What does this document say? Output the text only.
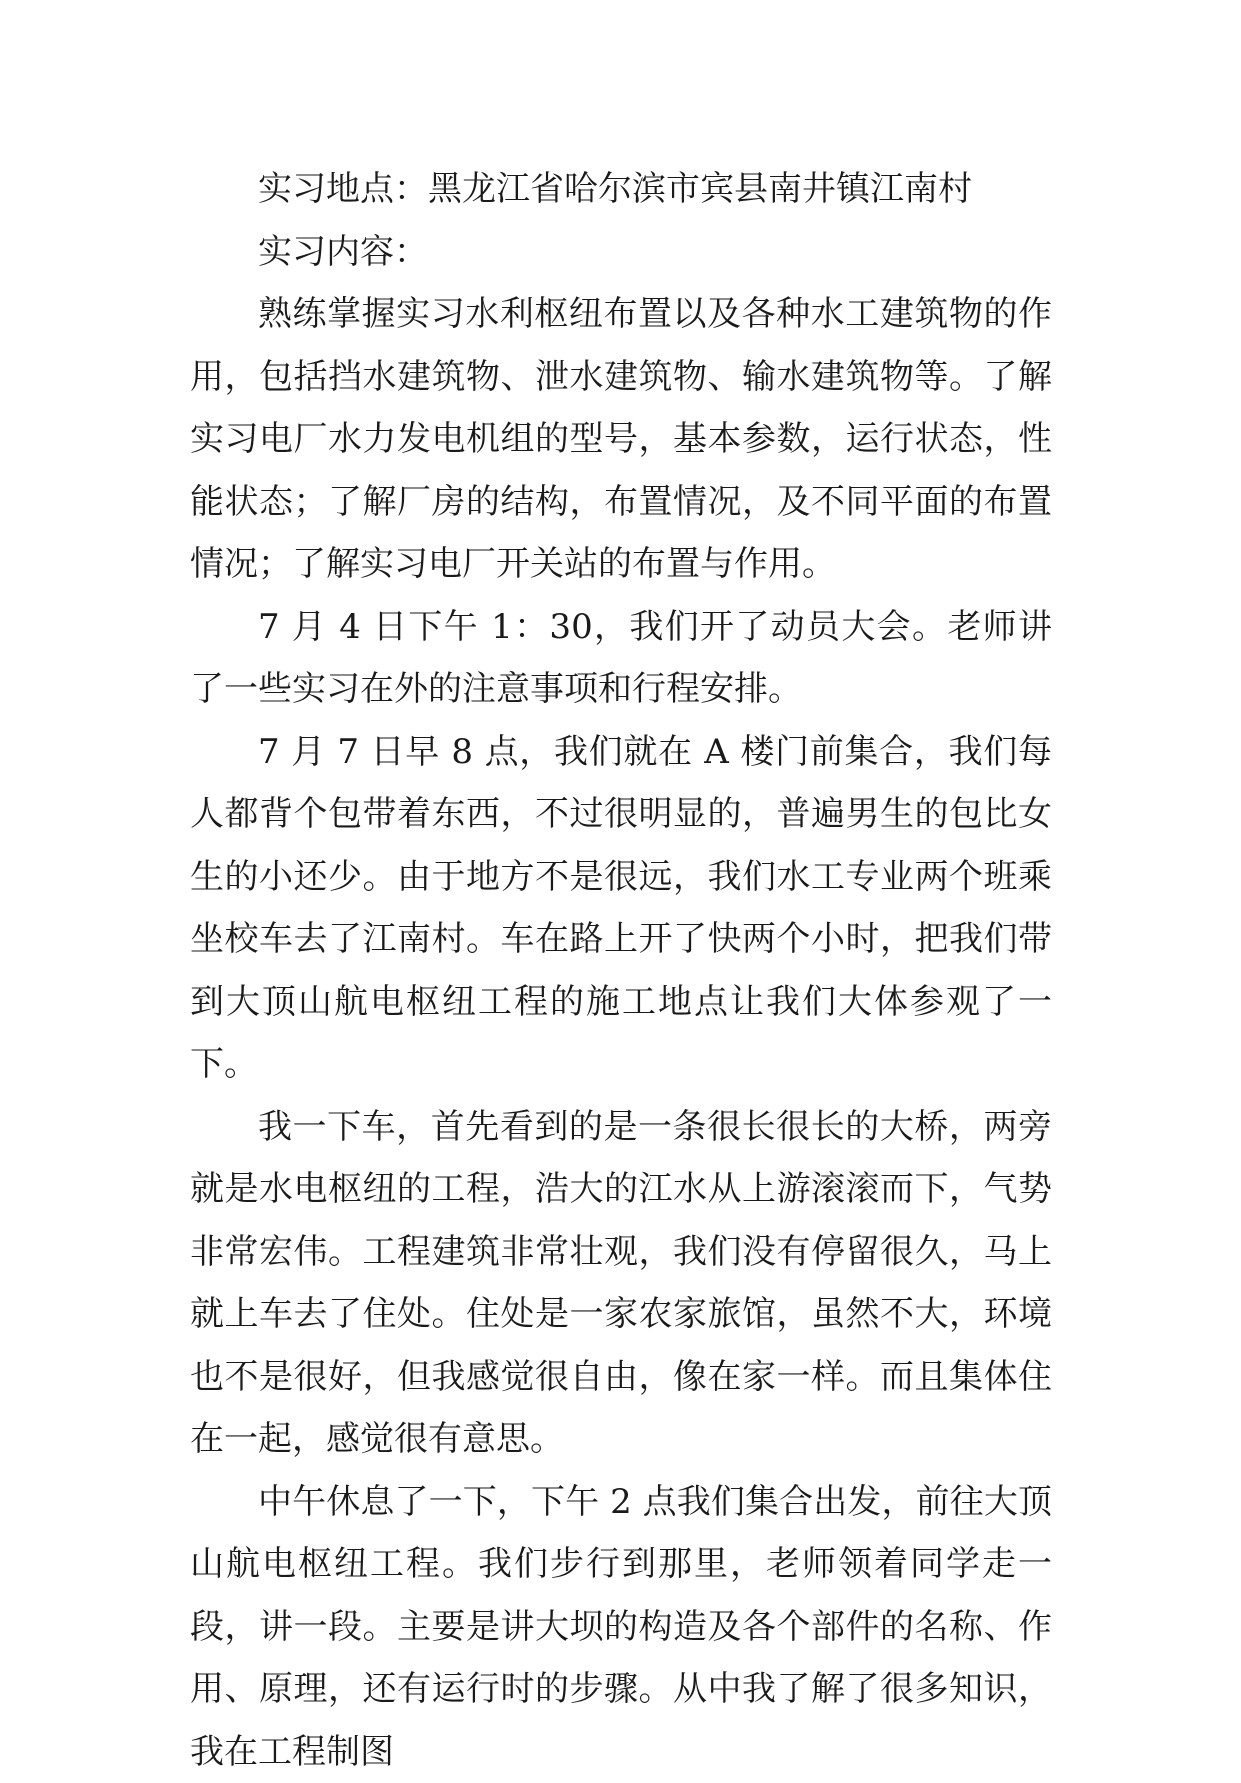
实习地点：黑龙江省哈尔滨市宾县南井镇江南村

实习内容：

熟练掌握实习水利枢纽布置以及各种水工建筑物的作用，包括挡水建筑物、泄水建筑物、输水建筑物等。了解实习电厂水力发电机组的型号，基本参数，运行状态，性能状态；了解厂房的结构，布置情况，及不同平面的布置情况；了解实习电厂开关站的布置与作用。

7 月 4 日下午 1：30，我们开了动员大会。老师讲了一些实习在外的注意事项和行程安排。

7 月 7 日早 8 点，我们就在 A 楼门前集合，我们每人都背个包带着东西，不过很明显的，普遍男生的包比女生的小还少。由于地方不是很远，我们水工专业两个班乘坐校车去了江南村。车在路上开了快两个小时，把我们带到大顶山航电枢纽工程的施工地点让我们大体参观了一下。

我一下车，首先看到的是一条很长很长的大桥，两旁就是水电枢纽的工程，浩大的江水从上游滚滚而下，气势非常宏伟。工程建筑非常壮观，我们没有停留很久，马上就上车去了住处。住处是一家农家旅馆，虽然不大，环境也不是很好，但我感觉很自由，像在家一样。而且集体住在一起，感觉很有意思。

中午休息了一下，下午 2 点我们集合出发，前往大顶山航电枢纽工程。我们步行到那里，老师领着同学走一段，讲一段。主要是讲大坝的构造及各个部件的名称、作用、原理，还有运行时的步骤。从中我了解了很多知识，我在工程制图
